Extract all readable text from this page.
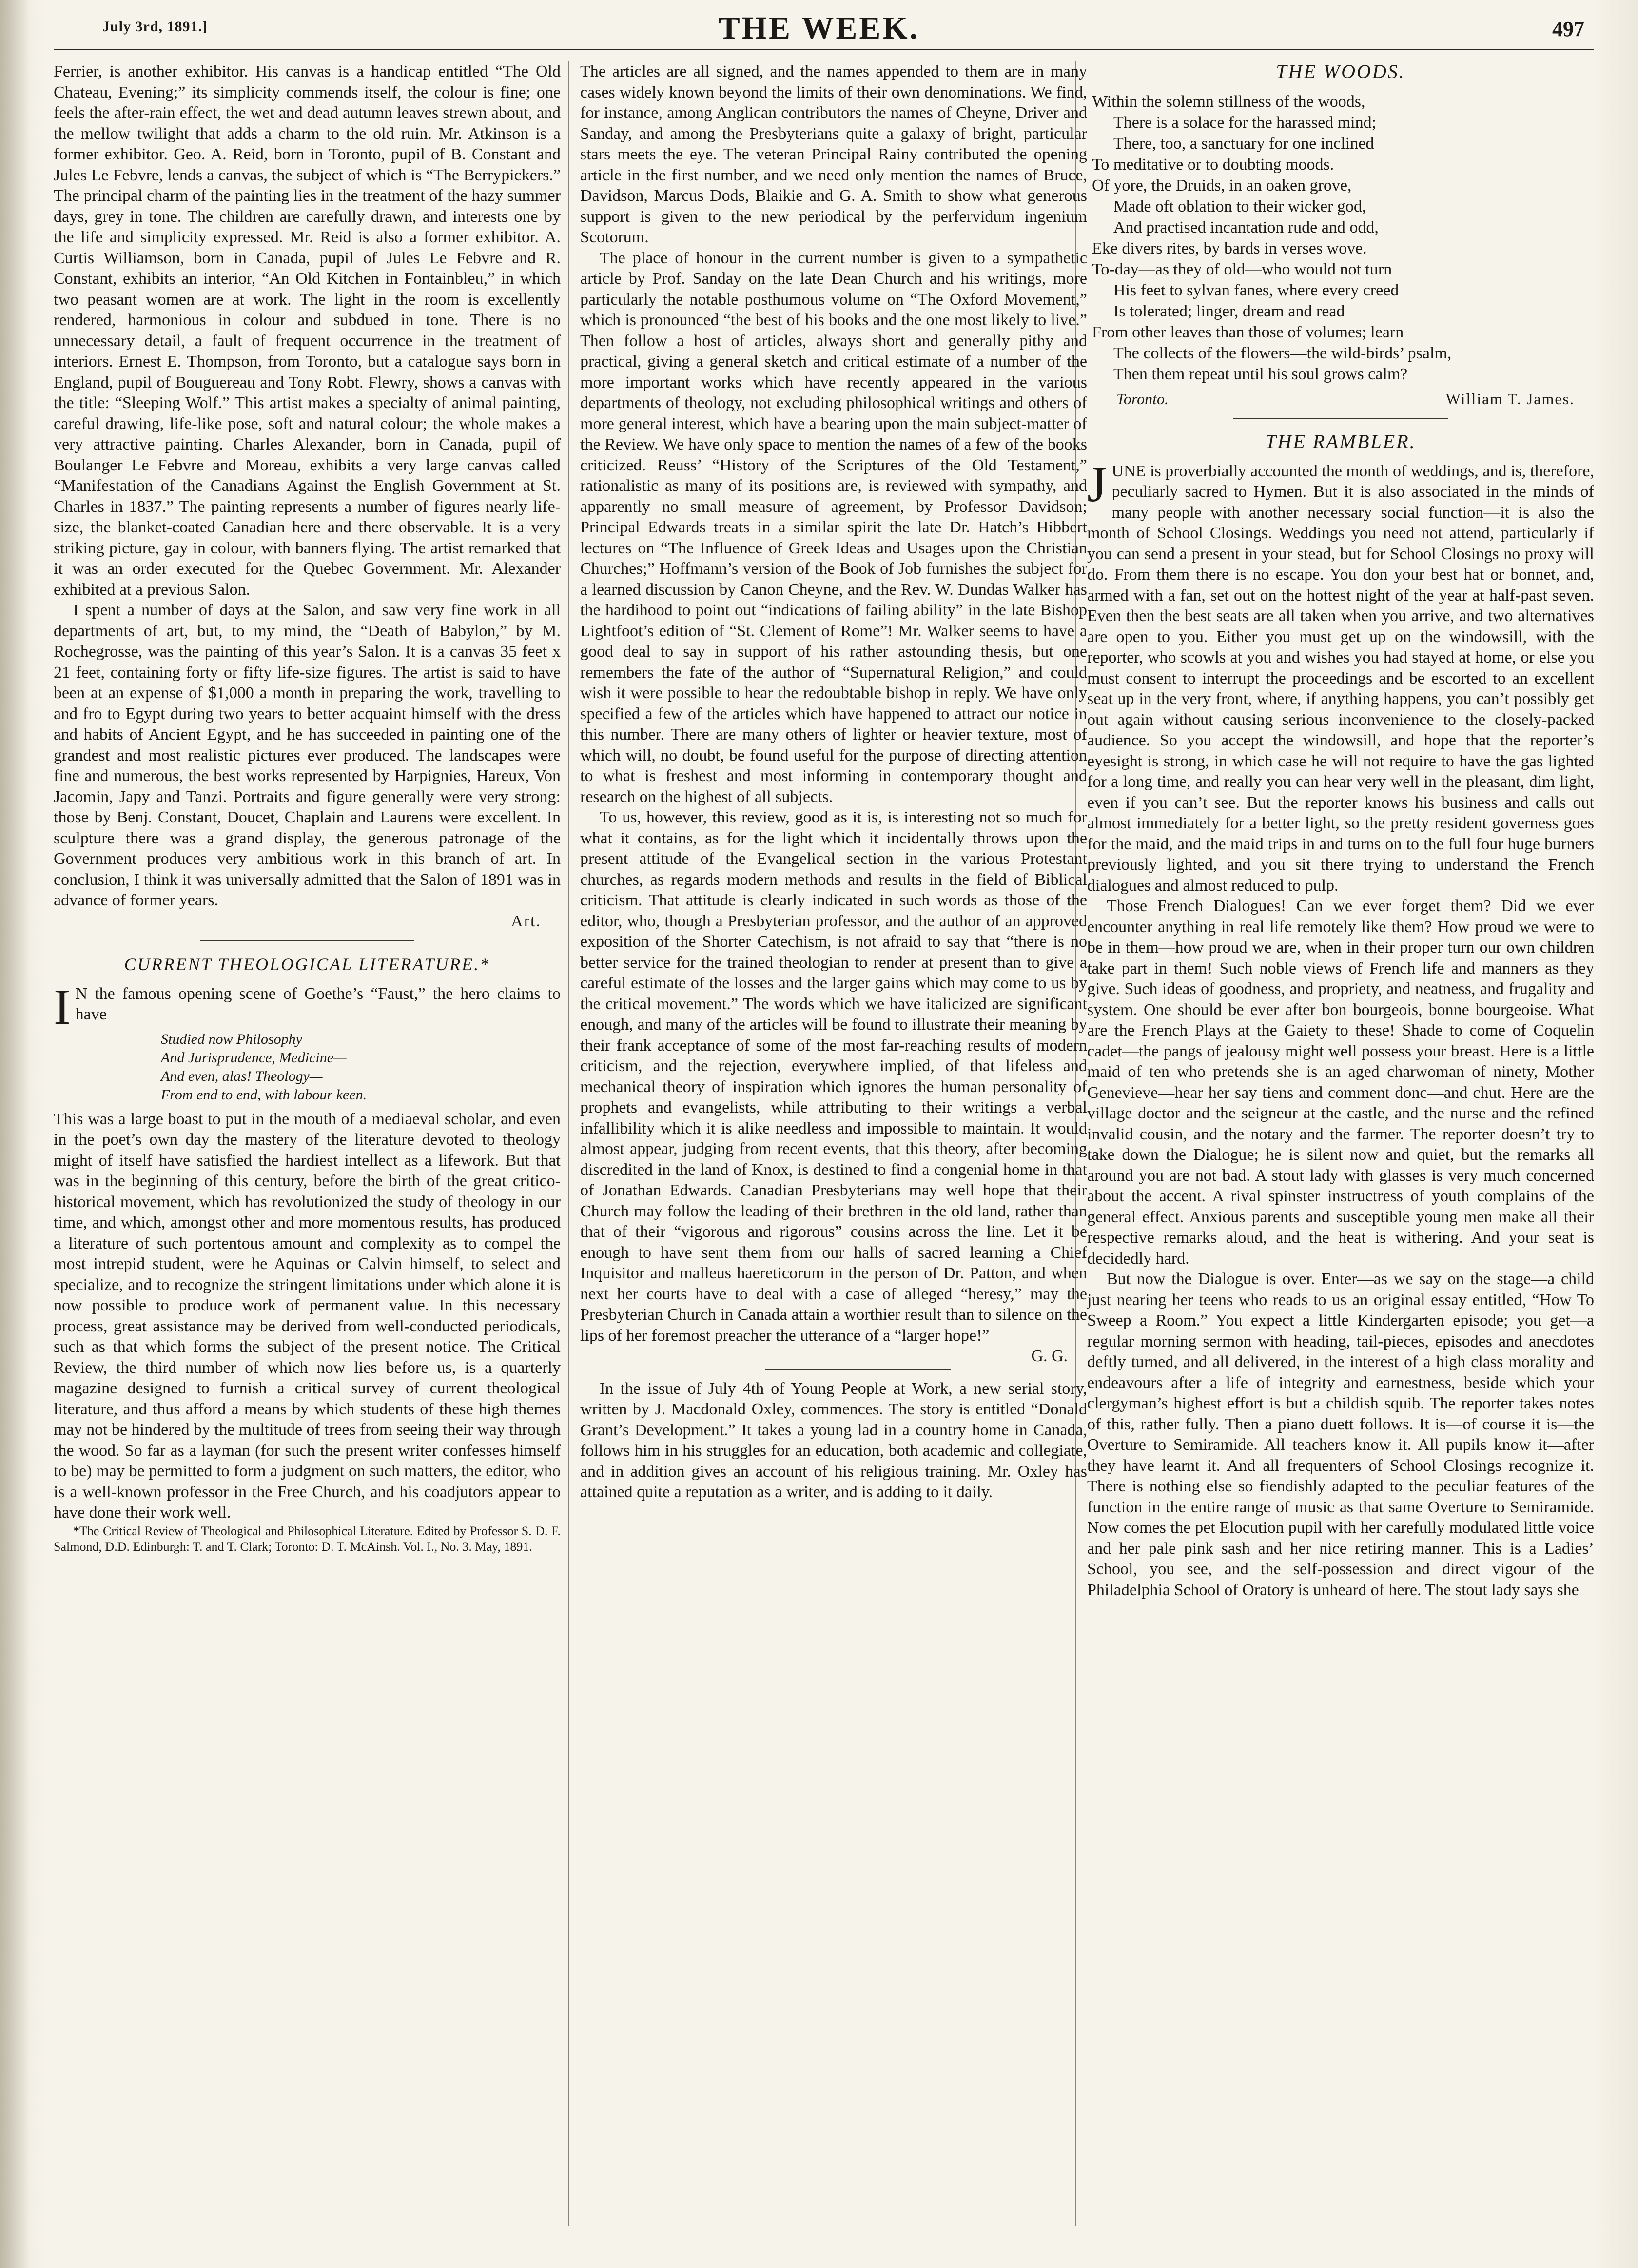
July 3rd, 1891.]	THE WEEK.	497

Ferrier, is another exhibitor. His canvas is a handicap entitled “The Old Chateau, Evening;” its simplicity commends itself, the colour is fine; one feels the after-rain effect, the wet and dead autumn leaves strewn about, and the mellow twilight that adds a charm to the old ruin. Mr. Atkinson is a former exhibitor. Geo. A. Reid, born in Toronto, pupil of B. Constant and Jules Le Febvre, lends a canvas, the subject of which is “The Berrypickers.” The principal charm of the painting lies in the treatment of the hazy summer days, grey in tone. The children are carefully drawn, and interests one by the life and simplicity expressed. Mr. Reid is also a former exhibitor. A. Curtis Williamson, born in Canada, pupil of Jules Le Febvre and R. Constant, exhibits an interior, “An Old Kitchen in Fontainbleu,” in which two peasant women are at work. The light in the room is excellently rendered, harmonious in colour and subdued in tone. There is no unnecessary detail, a fault of frequent occurrence in the treatment of interiors. Ernest E. Thompson, from Toronto, but a catalogue says born in England, pupil of Bouguereau and Tony Robt. Flewry, shows a canvas with the title: “Sleeping Wolf.” This artist makes a specialty of animal painting, careful drawing, life-like pose, soft and natural colour; the whole makes a very attractive painting. Charles Alexander, born in Canada, pupil of Boulanger Le Febvre and Moreau, exhibits a very large canvas called “Manifestation of the Canadians Against the English Government at St. Charles in 1837.” The painting represents a number of figures nearly life-size, the blanket-coated Canadian here and there observable. It is a very striking picture, gay in colour, with banners flying. The artist remarked that it was an order executed for the Quebec Government. Mr. Alexander exhibited at a previous Salon.

I spent a number of days at the Salon, and saw very fine work in all departments of art, but, to my mind, the “Death of Babylon,” by M. Rochegrosse, was the painting of this year’s Salon. It is a canvas 35 feet x 21 feet, containing forty or fifty life-size figures. The artist is said to have been at an expense of $1,000 a month in preparing the work, travelling to and fro to Egypt during two years to better acquaint himself with the dress and habits of Ancient Egypt, and he has succeeded in painting one of the grandest and most realistic pictures ever produced. The landscapes were fine and numerous, the best works represented by Harpignies, Hareux, Von Jacomin, Japy and Tanzi. Portraits and figure generally were very strong: those by Benj. Constant, Doucet, Chaplain and Laurens were excellent. In sculpture there was a grand display, the generous patronage of the Government produces very ambitious work in this branch of art. In conclusion, I think it was universally admitted that the Salon of 1891 was in advance of former years.

Art.
CURRENT THEOLOGICAL LITERATURE.*

I N the famous opening scene of Goethe’s “Faust,” the hero claims to have

Studied now Philosophy
And Jurisprudence, Medicine—
And even, alas! Theology—
From end to end, with labour keen.

This was a large boast to put in the mouth of a mediaeval scholar, and even in the poet’s own day the mastery of the literature devoted to theology might of itself have satisfied the hardiest intellect as a lifework. But that was in the beginning of this century, before the birth of the great critico-historical movement, which has revolutionized the study of theology in our time, and which, amongst other and more momentous results, has produced a literature of such portentous amount and complexity as to compel the most intrepid student, were he Aquinas or Calvin himself, to select and specialize, and to recognize the stringent limitations under which alone it is now possible to produce work of permanent value. In this necessary process, great assistance may be derived from well-conducted periodicals, such as that which forms the subject of the present notice. The Critical Review, the third number of which now lies before us, is a quarterly magazine designed to furnish a critical survey of current theological literature, and thus afford a means by which students of these high themes may not be hindered by the multitude of trees from seeing their way through the wood. So far as a layman (for such the present writer confesses himself to be) may be permitted to form a judgment on such matters, the editor, who is a well-known professor in the Free Church, and his coadjutors appear to have done their work well.

*The Critical Review of Theological and Philosophical Literature. Edited by Professor S. D. F. Salmond, D.D. Edinburgh: T. and T. Clark; Toronto: D. T. McAinsh. Vol. I., No. 3. May, 1891.

The articles are all signed, and the names appended to them are in many cases widely known beyond the limits of their own denominations. We find, for instance, among Anglican contributors the names of Cheyne, Driver and Sanday, and among the Presbyterians quite a galaxy of bright, particular stars meets the eye. The veteran Principal Rainy contributed the opening article in the first number, and we need only mention the names of Bruce, Davidson, Marcus Dods, Blaikie and G. A. Smith to show what generous support is given to the new periodical by the perfervidum ingenium Scotorum.

The place of honour in the current number is given to a sympathetic article by Prof. Sanday on the late Dean Church and his writings, more particularly the notable posthumous volume on “The Oxford Movement,” which is pronounced “the best of his books and the one most likely to live.” Then follow a host of articles, always short and generally pithy and practical, giving a general sketch and critical estimate of a number of the more important works which have recently appeared in the various departments of theology, not excluding philosophical writings and others of more general interest, which have a bearing upon the main subject-matter of the Review. We have only space to mention the names of a few of the books criticized. Reuss’ “History of the Scriptures of the Old Testament,” rationalistic as many of its positions are, is reviewed with sympathy, and apparently no small measure of agreement, by Professor Davidson; Principal Edwards treats in a similar spirit the late Dr. Hatch’s Hibbert lectures on “The Influence of Greek Ideas and Usages upon the Christian Churches;” Hoffmann’s version of the Book of Job furnishes the subject for a learned discussion by Canon Cheyne, and the Rev. W. Dundas Walker has the hardihood to point out “indications of failing ability” in the late Bishop Lightfoot’s edition of “St. Clement of Rome”! Mr. Walker seems to have a good deal to say in support of his rather astounding thesis, but one remembers the fate of the author of “Supernatural Religion,” and could wish it were possible to hear the redoubtable bishop in reply. We have only specified a few of the articles which have happened to attract our notice in this number. There are many others of lighter or heavier texture, most of which will, no doubt, be found useful for the purpose of directing attention to what is freshest and most informing in contemporary thought and research on the highest of all subjects.

To us, however, this review, good as it is, is interesting not so much for what it contains, as for the light which it incidentally throws upon the present attitude of the Evangelical section in the various Protestant churches, as regards modern methods and results in the field of Biblical criticism. That attitude is clearly indicated in such words as those of the editor, who, though a Presbyterian professor, and the author of an approved exposition of the Shorter Catechism, is not afraid to say that “there is no better service for the trained theologian to render at present than to give a careful estimate of the losses and the larger gains which may come to us by the critical movement.” The words which we have italicized are significant enough, and many of the articles will be found to illustrate their meaning by their frank acceptance of some of the most far-reaching results of modern criticism, and the rejection, everywhere implied, of that lifeless and mechanical theory of inspiration which ignores the human personality of prophets and evangelists, while attributing to their writings a verbal infallibility which it is alike needless and impossible to maintain. It would almost appear, judging from recent events, that this theory, after becoming discredited in the land of Knox, is destined to find a congenial home in that of Jonathan Edwards. Canadian Presbyterians may well hope that their Church may follow the leading of their brethren in the old land, rather than that of their “vigorous and rigorous” cousins across the line. Let it be enough to have sent them from our halls of sacred learning a Chief Inquisitor and malleus haereticorum in the person of Dr. Patton, and when next her courts have to deal with a case of alleged “heresy,” may the Presbyterian Church in Canada attain a worthier result than to silence on the lips of her foremost preacher the utterance of a “larger hope!”

G. G.

In the issue of July 4th of Young People at Work, a new serial story, written by J. Macdonald Oxley, commences. The story is entitled “Donald Grant’s Development.” It takes a young lad in a country home in Canada, follows him in his struggles for an education, both academic and collegiate, and in addition gives an account of his religious training. Mr. Oxley has attained quite a reputation as a writer, and is adding to it daily.

THE WOODS.
Within the solemn stillness of the woods,
There is a solace for the harassed mind;
There, too, a sanctuary for one inclined
To meditative or to doubting moods.
Of yore, the Druids, in an oaken grove,
Made oft oblation to their wicker god,
And practised incantation rude and odd,
Eke divers rites, by bards in verses wove.
To-day—as they of old—who would not turn
His feet to sylvan fanes, where every creed
Is tolerated; linger, dream and read
From other leaves than those of volumes; learn
The collects of the flowers—the wild-birds’ psalm,
Then them repeat until his soul grows calm?
Toronto.	William T. James.
THE RAMBLER.

JUNE is proverbially accounted the month of weddings, and is, therefore, peculiarly sacred to Hymen. But it is also associated in the minds of many people with another necessary social function—it is also the month of School Closings. Weddings you need not attend, particularly if you can send a present in your stead, but for School Closings no proxy will do. From them there is no escape. You don your best hat or bonnet, and, armed with a fan, set out on the hottest night of the year at half-past seven. Even then the best seats are all taken when you arrive, and two alternatives are open to you. Either you must get up on the windowsill, with the reporter, who scowls at you and wishes you had stayed at home, or else you must consent to interrupt the proceedings and be escorted to an excellent seat up in the very front, where, if anything happens, you can’t possibly get out again without causing serious inconvenience to the closely-packed audience. So you accept the windowsill, and hope that the reporter’s eyesight is strong, in which case he will not require to have the gas lighted for a long time, and really you can hear very well in the pleasant, dim light, even if you can’t see. But the reporter knows his business and calls out almost immediately for a better light, so the pretty resident governess goes for the maid, and the maid trips in and turns on to the full four huge burners previously lighted, and you sit there trying to understand the French dialogues and almost reduced to pulp.

Those French Dialogues! Can we ever forget them? Did we ever encounter anything in real life remotely like them? How proud we were to be in them—how proud we are, when in their proper turn our own children take part in them! Such noble views of French life and manners as they give. Such ideas of goodness, and propriety, and neatness, and frugality and system. One should be ever after bon bourgeois, bonne bourgeoise. What are the French Plays at the Gaiety to these! Shade to come of Coquelin cadet—the pangs of jealousy might well possess your breast. Here is a little maid of ten who pretends she is an aged charwoman of ninety, Mother Genevieve—hear her say tiens and comment donc—and chut. Here are the village doctor and the seigneur at the castle, and the nurse and the refined invalid cousin, and the notary and the farmer. The reporter doesn’t try to take down the Dialogue; he is silent now and quiet, but the remarks all around you are not bad. A stout lady with glasses is very much concerned about the accent. A rival spinster instructress of youth complains of the general effect. Anxious parents and susceptible young men make all their respective remarks aloud, and the heat is withering. And your seat is decidedly hard.

But now the Dialogue is over. Enter—as we say on the stage—a child just nearing her teens who reads to us an original essay entitled, “How To Sweep a Room.” You expect a little Kindergarten episode; you get—a regular morning sermon with heading, tail-pieces, episodes and anecdotes deftly turned, and all delivered, in the interest of a high class morality and endeavours after a life of integrity and earnestness, beside which your clergyman’s highest effort is but a childish squib. The reporter takes notes of this, rather fully. Then a piano duett follows. It is—of course it is—the Overture to Semiramide. All teachers know it. All pupils know it—after they have learnt it. And all frequenters of School Closings recognize it. There is nothing else so fiendishly adapted to the peculiar features of the function in the entire range of music as that same Overture to Semiramide. Now comes the pet Elocution pupil with her carefully modulated little voice and her pale pink sash and her nice retiring manner. This is a Ladies’ School, you see, and the self-possession and direct vigour of the Philadelphia School of Oratory is unheard of here. The stout lady says she
